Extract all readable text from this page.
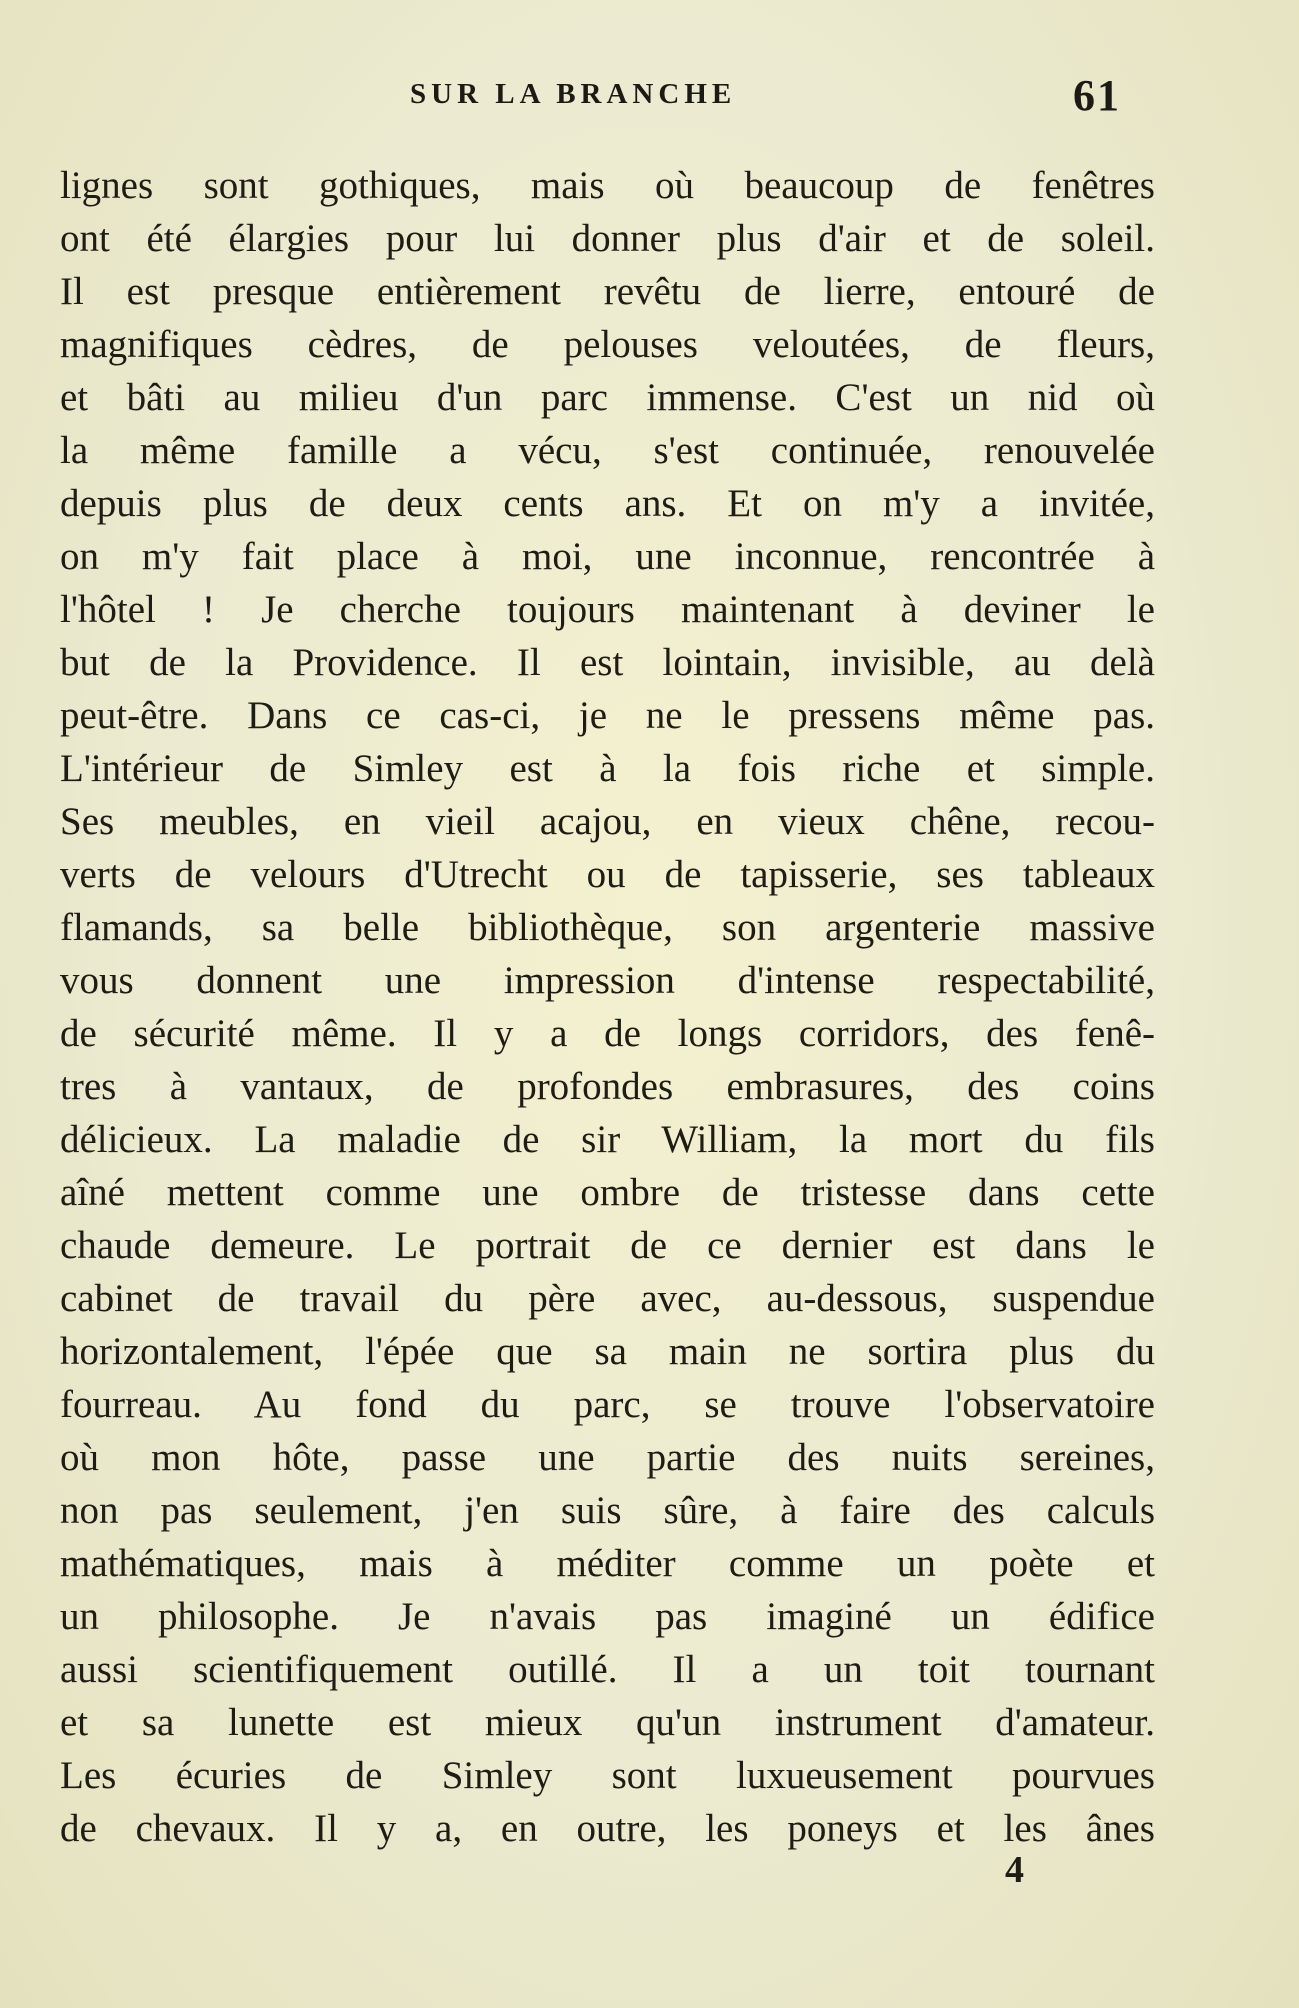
SUR LA BRANCHE	61
lignes sont gothiques, mais où beaucoup de fenêtres
ont été élargies pour lui donner plus d'air et de soleil.
Il est presque entièrement revêtu de lierre, entouré de
magnifiques cèdres, de pelouses veloutées, de fleurs,
et bâti au milieu d'un parc immense. C'est un nid où
la même famille a vécu, s'est continuée, renouvelée
depuis plus de deux cents ans. Et on m'y a invitée,
on m'y fait place à moi, une inconnue, rencontrée à
l'hôtel ! Je cherche toujours maintenant à deviner le
but de la Providence. Il est lointain, invisible, au delà
peut-être. Dans ce cas-ci, je ne le pressens même pas.
L'intérieur de Simley est à la fois riche et simple.
Ses meubles, en vieil acajou, en vieux chêne, recou-
verts de velours d'Utrecht ou de tapisserie, ses tableaux
flamands, sa belle bibliothèque, son argenterie massive
vous donnent une impression d'intense respectabilité,
de sécurité même. Il y a de longs corridors, des fenê-
tres à vantaux, de profondes embrasures, des coins
délicieux. La maladie de sir William, la mort du fils
aîné mettent comme une ombre de tristesse dans cette
chaude demeure. Le portrait de ce dernier est dans le
cabinet de travail du père avec, au-dessous, suspendue
horizontalement, l'épée que sa main ne sortira plus du
fourreau. Au fond du parc, se trouve l'observatoire
où mon hôte, passe une partie des nuits sereines,
non pas seulement, j'en suis sûre, à faire des calculs
mathématiques, mais à méditer comme un poète et
un philosophe. Je n'avais pas imaginé un édifice
aussi scientifiquement outillé. Il a un toit tournant
et sa lunette est mieux qu'un instrument d'amateur.
Les écuries de Simley sont luxueusement pourvues
de chevaux. Il y a, en outre, les poneys et les ânes
4
